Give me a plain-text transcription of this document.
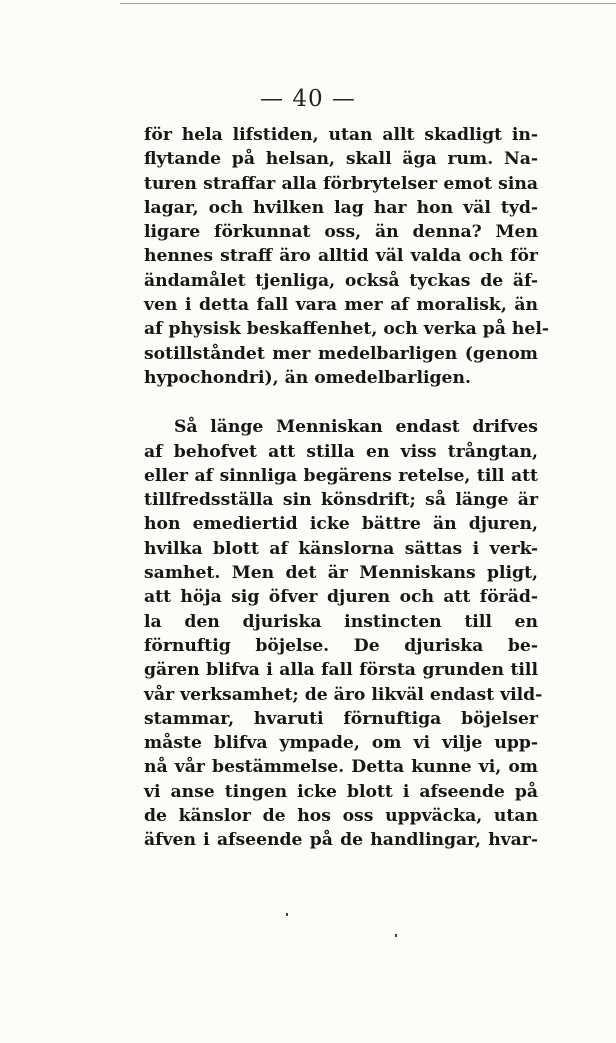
— 40 —
för hela lifstiden, utan allt skadligt in-
flytande på helsan, skall äga rum. Na-
turen straffar alla förbrytelser emot sina
lagar, och hvilken lag har hon väl tyd-
ligare förkunnat oss, än denna? Men
hennes straff äro alltid väl valda och för
ändamålet tjenliga, också tyckas de äf-
ven i detta fall vara mer af moralisk, än
af physisk beskaffenhet, och verka på hel-
sotillståndet mer medelbarligen (genom
hypochondri), än omedelbarligen.
Så länge Menniskan endast drifves
af behofvet att stilla en viss trångtan,
eller af sinnliga begärens retelse, till att
tillfredsställa sin könsdrift; så länge är
hon emediertid icke bättre än djuren,
hvilka blott af känslorna sättas i verk-
samhet. Men det är Menniskans pligt,
att höja sig öfver djuren och att föräd-
la den djuriska instincten till en
förnuftig böjelse. De djuriska be-
gären blifva i alla fall första grunden till
vår verksamhet; de äro likväl endast vild-
stammar, hvaruti förnuftiga böjelser
måste blifva ympade, om vi vilje upp-
nå vår bestämmelse. Detta kunne vi, om
vi anse tingen icke blott i afseende på
de känslor de hos oss uppväcka, utan
äfven i afseende på de handlingar, hvar-
